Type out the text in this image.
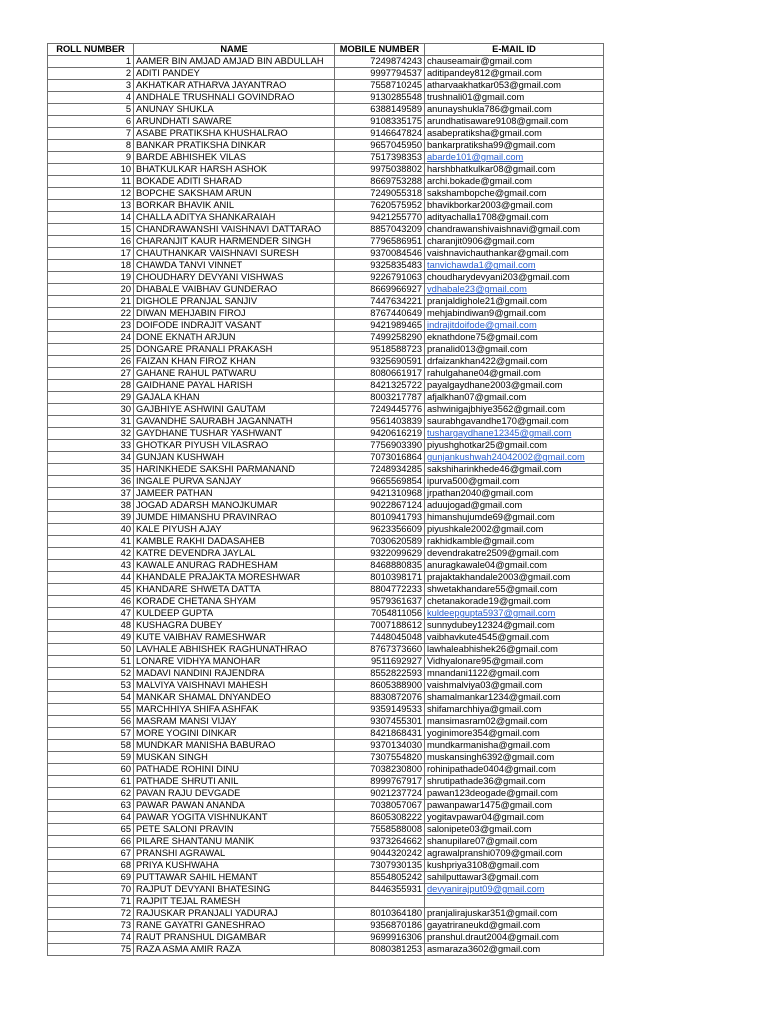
ROLL NUMBER	NAME	MOBILE NUMBER	E-MAIL ID
1	AAMER BIN AMJAD AMJAD BIN ABDULLAH	7249874243	chauseamair@gmail.com
2	ADITI PANDEY	9997794537	aditipandey812@gmail.com
3	AKHATKAR ATHARVA JAYANTRAO	7558710245	atharvaakhatkar053@gmail.com
4	ANDHALE TRUSHNALI GOVINDRAO	9130285548	trushnali01@gmail.com
5	ANUNAY SHUKLA	6388149589	anunayshukla786@gmail.com
6	ARUNDHATI SAWARE	9108335175	arundhatisaware9108@gmail.com
7	ASABE PRATIKSHA KHUSHALRAO	9146647824	asabepratiksha@gmail.com
8	BANKAR PRATIKSHA DINKAR	9657045950	bankarpratiksha99@gmail.com
9	BARDE ABHISHEK VILAS	7517398353	abarde101@gmail.com
10	BHATKULKAR HARSH ASHOK	9975038802	harshbhatkulkar08@gmail.com
11	BOKADE ADITI SHARAD	8669753288	archi.bokade@gmail.com
12	BOPCHE SAKSHAM ARUN	7249055318	sakshambopche@gmail.com
13	BORKAR BHAVIK ANIL	7620575952	bhavikborkar2003@gmail.com
14	CHALLA ADITYA SHANKARAIAH	9421255770	adityachalla1708@gmail.com
15	CHANDRAWANSHI VAISHNAVI DATTARAO	8857043209	chandrawanshivaishnavi@gmail.com
16	CHARANJIT KAUR HARMENDER SINGH	7796586951	charanjit0906@gmail.com
17	CHAUTHANKAR VAISHNAVI SURESH	9370084546	vaishnavichauthankar@gmail.com
18	CHAWDA TANVI VINNET	9325835483	tanvichawda1@gmail.com
19	CHOUDHARY DEVYANI VISHWAS	9226791063	choudharydevyani203@gmail.com
20	DHABALE VAIBHAV GUNDERAO	8669966927	vdhabale23@gmail.com
21	DIGHOLE PRANJAL SANJIV	7447634221	pranjaldighole21@gmail.com
22	DIWAN MEHJABIN FIROJ	8767440649	mehjabindiwan9@gmail.com
23	DOIFODE INDRAJIT VASANT	9421989465	indrajitdoifode@gmail.com
24	DONE EKNATH ARJUN	7499258290	eknathdone75@gmail.com
25	DONGARE PRANALI PRAKASH	9518588723	pranalid013@gmail.com
26	FAIZAN KHAN FIROZ KHAN	9325690591	drfaizankhan422@gmail.com
27	GAHANE RAHUL PATWARU	8080661917	rahulgahane04@gmail.com
28	GAIDHANE PAYAL HARISH	8421325722	payalgaydhane2003@gmail.com
29	GAJALA KHAN	8003217787	afjalkhan07@gmail.com
30	GAJBHIYE ASHWINI GAUTAM	7249445776	ashwinigajbhiye3562@gmail.com
31	GAVANDHE SAURABH JAGANNATH	9561403839	saurabhgavandhe170@gmail.com
32	GAYDHANE TUSHAR YASHWANT	9420616219	tushargaydhane12345@gmail.com
33	GHOTKAR PIYUSH VILASRAO	7756903390	piyushghotkar25@gmail.com
34	GUNJAN KUSHWAH	7073016864	gunjankushwah24042002@gmail.com
35	HARINKHEDE SAKSHI PARMANAND	7248934285	sakshiharinkhede46@gmail.com
36	INGALE PURVA SANJAY	9665569854	ipurva500@gmail.com
37	JAMEER PATHAN	9421310968	jrpathan2040@gmail.com
38	JOGAD ADARSH MANOJKUMAR	9022867124	aduujogad@gmail.com
39	JUMDE HIMANSHU PRAVINRAO	8010941793	himanshujumde69@gmail.com
40	KALE PIYUSH AJAY	9623356609	piyushkale2002@gmail.com
41	KAMBLE RAKHI DADASAHEB	7030620589	rakhidkamble@gmail.com
42	KATRE DEVENDRA JAYLAL	9322099629	devendrakatre2509@gmail.com
43	KAWALE ANURAG RADHESHAM	8468880835	anuragkawale04@gmail.com
44	KHANDALE PRAJAKTA MORESHWAR	8010398171	prajaktakhandale2003@gmail.com
45	KHANDARE SHWETA DATTA	8804772233	shwetakhandare55@gmail.com
46	KORADE CHETANA SHYAM	9579361637	chetanakorade19@gmail.com
47	KULDEEP GUPTA	7054811056	kuldeepgupta5937@gmail.com
48	KUSHAGRA DUBEY	7007188612	sunnydubey12324@gmail.com
49	KUTE VAIBHAV RAMESHWAR	7448045048	vaibhavkute4545@gmail.com
50	LAVHALE ABHISHEK RAGHUNATHRAO	8767373660	lawhaleabhishek26@gmail.com
51	LONARE VIDHYA MANOHAR	9511692927	Vidhyalonare95@gmail.com
52	MADAVI NANDINI RAJENDRA	8552822593	mnandani1122@gmail.com
53	MALVIYA VAISHNAVI MAHESH	8605388900	vaishmalviya03@gmail.com
54	MANKAR SHAMAL DNYANDEO	8830872076	shamalmankar1234@gmail.com
55	MARCHHIYA SHIFA ASHFAK	9359149533	shifamarchhiya@gmail.com
56	MASRAM MANSI VIJAY	9307455301	mansimasram02@gmail.com
57	MORE YOGINI DINKAR	8421868431	yoginimore354@gmail.com
58	MUNDKAR MANISHA BABURAO	9370134030	mundkarmanisha@gmail.com
59	MUSKAN SINGH	7307554820	muskansingh6392@gmail.com
60	PATHADE ROHINI DINU	7038230800	rohinipathade0404@gmail.com
61	PATHADE SHRUTI ANIL	8999767917	shrutipathade36@gmail.com
62	PAVAN RAJU DEVGADE	9021237724	pawan123deogade@gmail.com
63	PAWAR PAWAN ANANDA	7038057067	pawanpawar1475@gmail.com
64	PAWAR YOGITA VISHNUKANT	8605308222	yogitavpawar04@gmail.com
65	PETE SALONI PRAVIN	7558588008	salonipete03@gmail.com
66	PILARE SHANTANU MANIK	9373264662	shanupilare07@gmail.com
67	PRANSHI AGRAWAL	9044320242	agrawalpranshi0709@gmail.com
68	PRIYA KUSHWAHA	7307930135	kushpriya3108@gmail.com
69	PUTTAWAR SAHIL HEMANT	8554805242	sahilputtawar3@gmail.com
70	RAJPUT DEVYANI BHATESING	8446355931	devyanirajput09@gmail.com
71	RAJPIT TEJAL RAMESH		
72	RAJUSKAR PRANJALI YADURAJ	8010364180	pranjalirajuskar351@gmail.com
73	RANE GAYATRI GANESHRAO	9356870186	gayatriraneukd@gmail.com
74	RAUT PRANSHUL DIGAMBAR	9699916306	pranshul.draut2004@gmail.com
75	RAZA ASMA AMIR RAZA	8080381253	asmaraza3602@gmail.com
